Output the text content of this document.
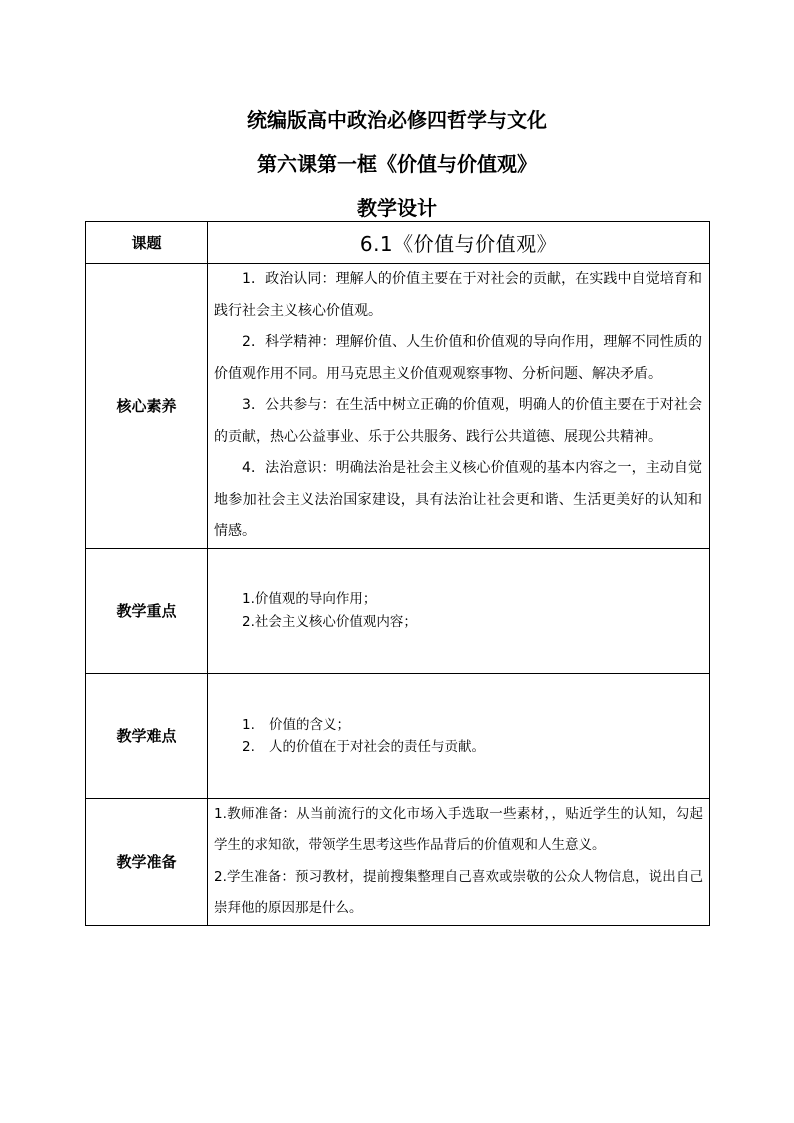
统编版高中政治必修四哲学与文化
第六课第一框《价值与价值观》
教学设计
课题	6.1《价值与价值观》

核心素养	1．政治认同：理解人的价值主要在于对社会的贡献，在实践中自觉培育和践行社会主义核心价值观。
2．科学精神：理解价值、人生价值和价值观的导向作用，理解不同性质的价值观作用不同。用马克思主义价值观观察事物、分析问题、解决矛盾。
3．公共参与：在生活中树立正确的价值观，明确人的价值主要在于对社会的贡献，热心公益事业、乐于公共服务、践行公共道德、展现公共精神。
4．法治意识：明确法治是社会主义核心价值观的基本内容之一，主动自觉地参加社会主义法治国家建设，具有法治让社会更和谐、生活更美好的认知和情感。

教学重点	1.价值观的导向作用；
2.社会主义核心价值观内容；

教学难点	1. 价值的含义；
2. 人的价值在于对社会的责任与贡献。

教学准备	1.教师准备：从当前流行的文化市场入手选取一些素材，，贴近学生的认知，勾起学生的求知欲，带领学生思考这些作品背后的价值观和人生意义。
2.学生准备：预习教材，提前搜集整理自己喜欢或崇敬的公众人物信息，说出自己崇拜他的原因那是什么。
